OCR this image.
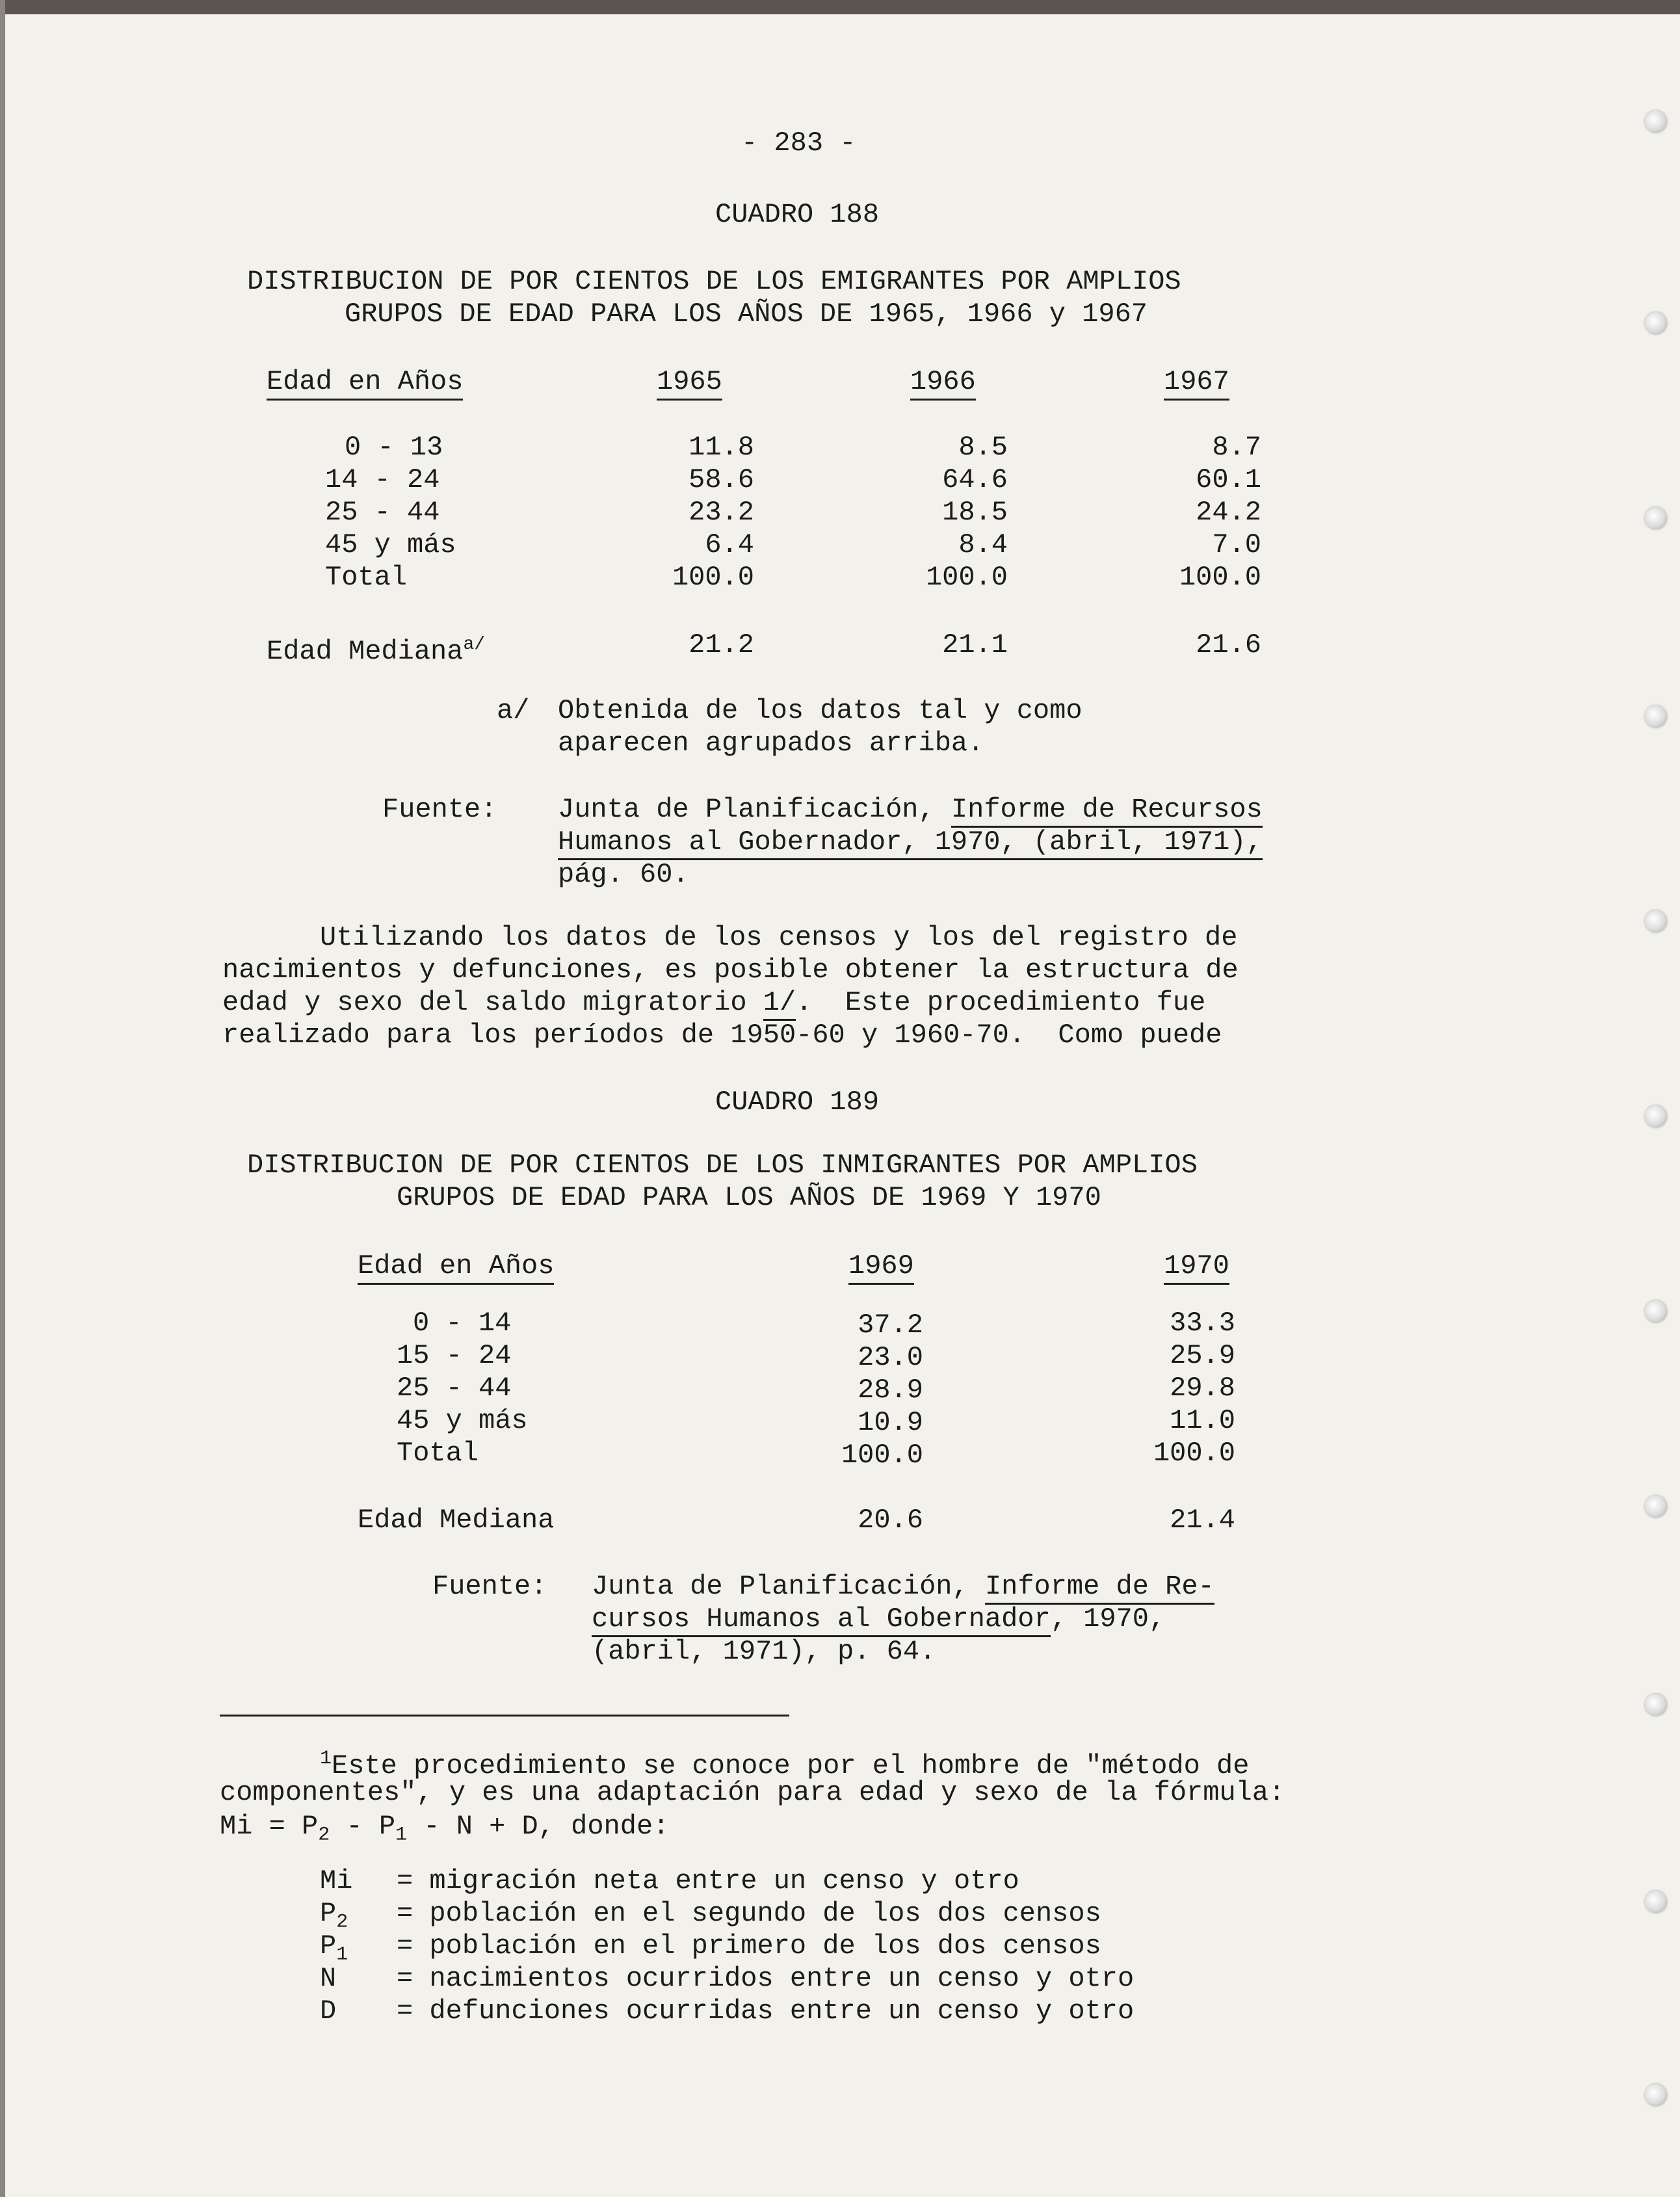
- 283 -
CUADRO 188
DISTRIBUCION DE POR CIENTOS DE LOS EMIGRANTES POR AMPLIOS
GRUPOS DE EDAD PARA LOS AÑOS DE 1965, 1966 y 1967
Edad en Años	1965	1966	1967
0 - 13	11.8	8.5	8.7
14 - 24	58.6	64.6	60.1
25 - 44	23.2	18.5	24.2
45 y más	6.4	8.4	7.0
Total	100.0	100.0	100.0
Edad Mediana$^{a/}$	21.2	21.1	21.6
a/ Obtenida de los datos tal y como
aparecen agrupados arriba.
Fuente: Junta de Planificación, Informe de Recursos
Humanos al Gobernador, 1970, (abril, 1971),
pág. 60.
Utilizando los datos de los censos y los del registro de
nacimientos y defunciones, es posible obtener la estructura de
edad y sexo del saldo migratorio 1/.  Este procedimiento fue
realizado para los períodos de 1950-60 y 1960-70.  Como puede
CUADRO 189
DISTRIBUCION DE POR CIENTOS DE LOS INMIGRANTES POR AMPLIOS
GRUPOS DE EDAD PARA LOS AÑOS DE 1969 Y 1970
Edad en Años	1969	1970
0 - 14	37.2	33.3
15 - 24	23.0	25.9
25 - 44	28.9	29.8
45 y más	10.9	11.0
Total	100.0	100.0
Edad Mediana	20.6	21.4
Fuente: Junta de Planificación, Informe de Re-
cursos Humanos al Gobernador, 1970,
(abril, 1971), p. 64.
$^1$Este procedimiento se conoce por el hombre de "método de
componentes", y es una adaptación para edad y sexo de la fórmula:
$Mi = P_2 - P_1 - N + D$, donde:
Mi = migración neta entre un censo y otro
$P_2$ = población en el segundo de los dos censos
$P_1$ = población en el primero de los dos censos
N = nacimientos ocurridos entre un censo y otro
D = defunciones ocurridas entre un censo y otro
